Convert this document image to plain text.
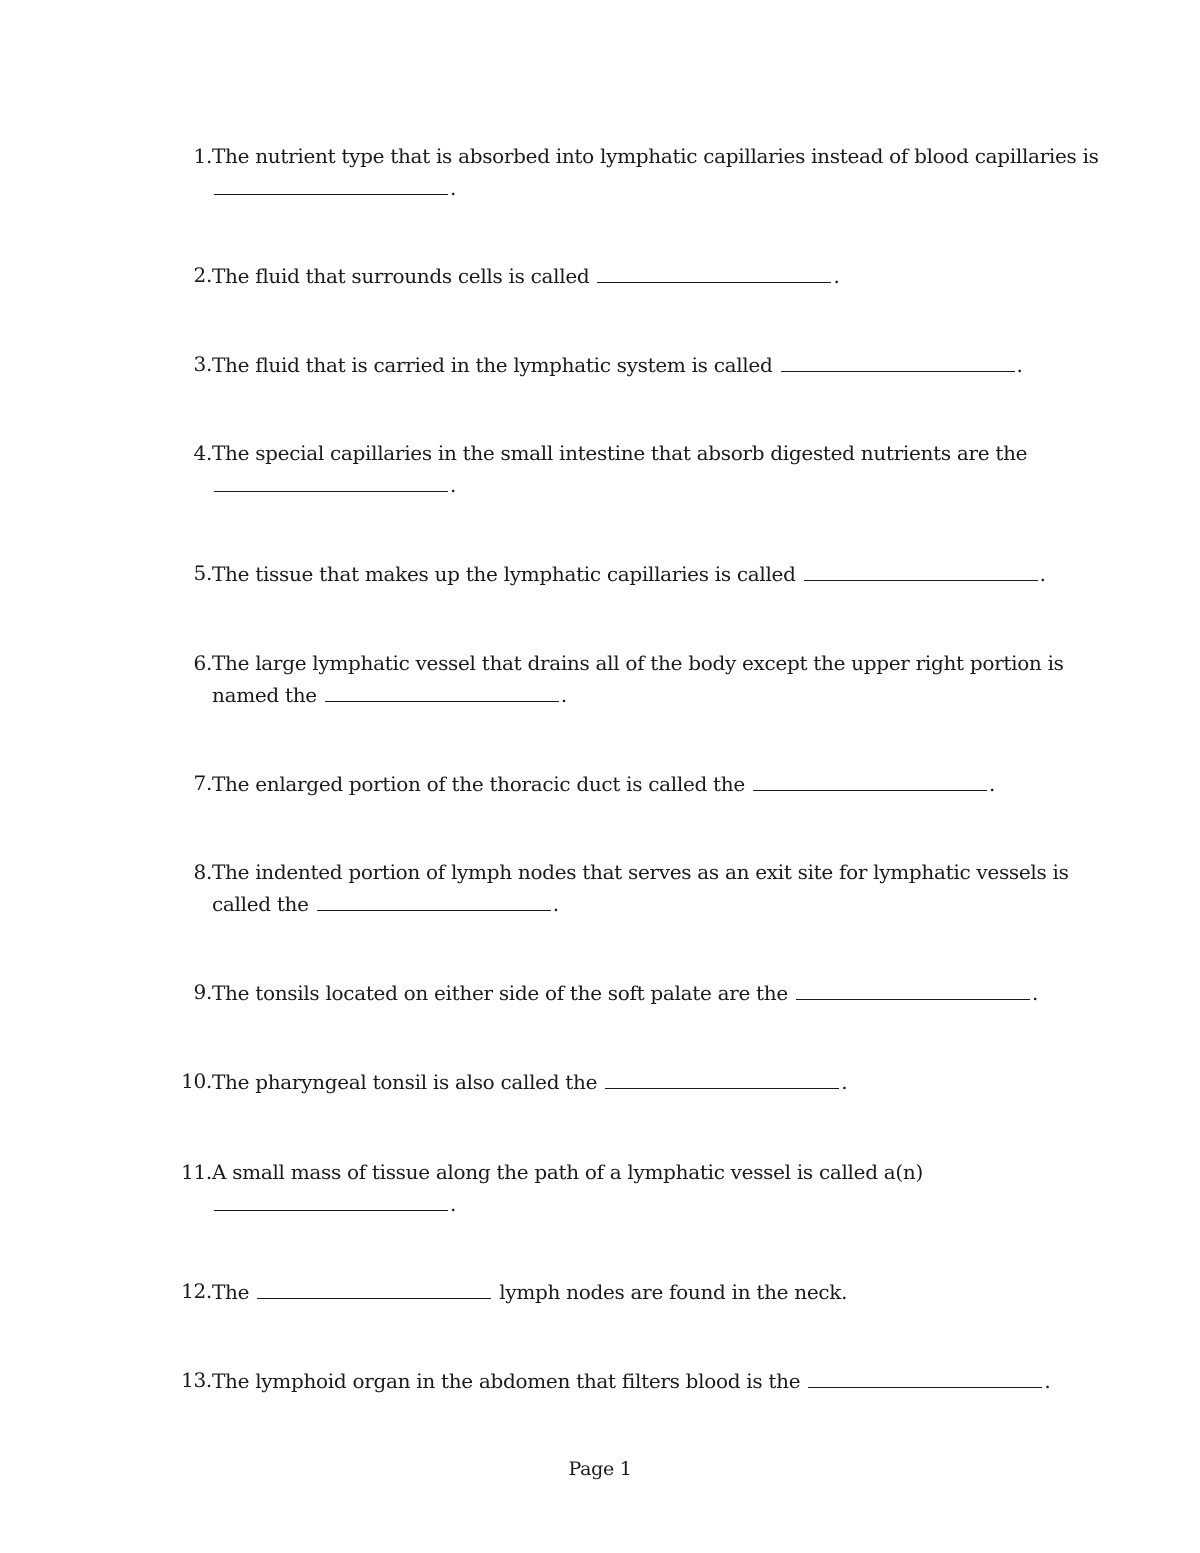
1. The nutrient type that is absorbed into lymphatic capillaries instead of blood capillaries is
.
2. The fluid that surrounds cells is called	.
3. The fluid that is carried in the lymphatic system is called	.
4. The special capillaries in the small intestine that absorb digested nutrients are the
.
5. The tissue that makes up the lymphatic capillaries is called	.
6. The large lymphatic vessel that drains all of the body except the upper right portion is named the	.
7. The enlarged portion of the thoracic duct is called the	.
8. The indented portion of lymph nodes that serves as an exit site for lymphatic vessels is called the	.
9. The tonsils located on either side of the soft palate are the	.
10. The pharyngeal tonsil is also called the	.
11. A small mass of tissue along the path of a lymphatic vessel is called a(n)
.
12. The	lymph nodes are found in the neck.
13. The lymphoid organ in the abdomen that filters blood is the	.
Page 1
